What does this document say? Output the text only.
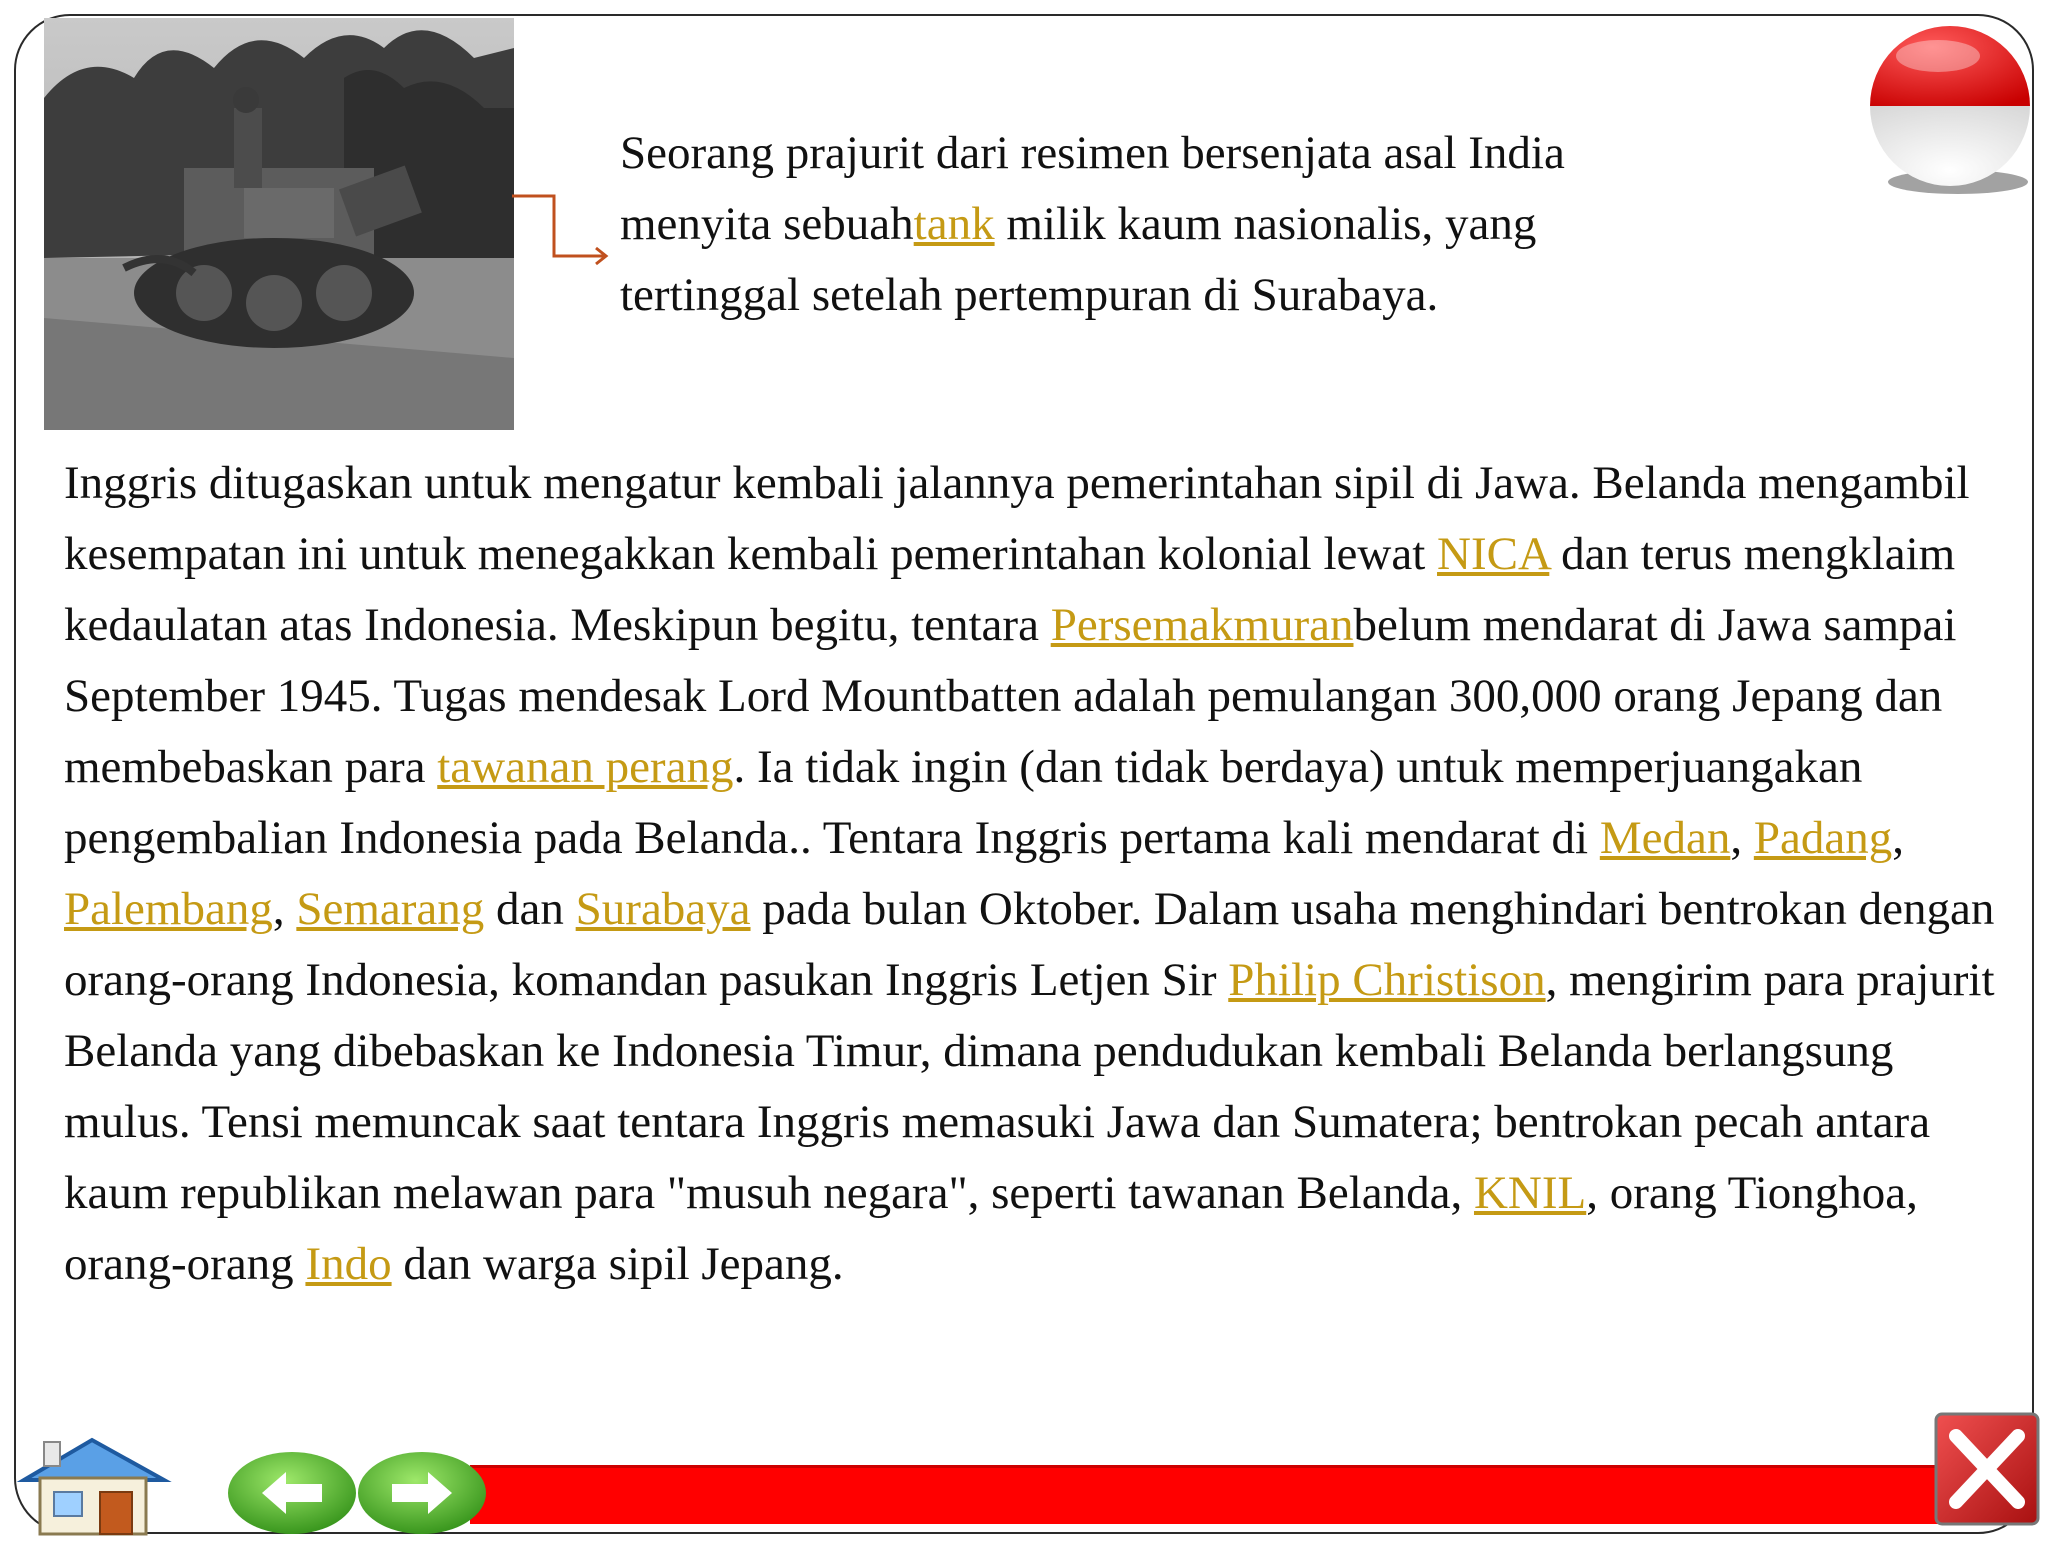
Seorang prajurit dari resimen bersenjata asal India menyita sebuahtank milik kaum nasionalis, yang tertinggal setelah pertempuran di Surabaya.
Inggris ditugaskan untuk mengatur kembali jalannya pemerintahan sipil di Jawa. Belanda mengambil kesempatan ini untuk menegakkan kembali pemerintahan kolonial lewat NICA dan terus mengklaim kedaulatan atas Indonesia. Meskipun begitu, tentara Persemakmuranbelum mendarat di Jawa sampai September 1945. Tugas mendesak Lord Mountbatten adalah pemulangan 300,000 orang Jepang dan membebaskan para tawanan perang. Ia tidak ingin (dan tidak berdaya) untuk memperjuangakan pengembalian Indonesia pada Belanda.. Tentara Inggris pertama kali mendarat di Medan, Padang, Palembang, Semarang dan Surabaya pada bulan Oktober. Dalam usaha menghindari bentrokan dengan orang-orang Indonesia, komandan pasukan Inggris Letjen Sir Philip Christison, mengirim para prajurit Belanda yang dibebaskan ke Indonesia Timur, dimana pendudukan kembali Belanda berlangsung mulus. Tensi memuncak saat tentara Inggris memasuki Jawa dan Sumatera; bentrokan pecah antara kaum republikan melawan para "musuh negara", seperti tawanan Belanda, KNIL, orang Tionghoa, orang-orang Indo dan warga sipil Jepang.
